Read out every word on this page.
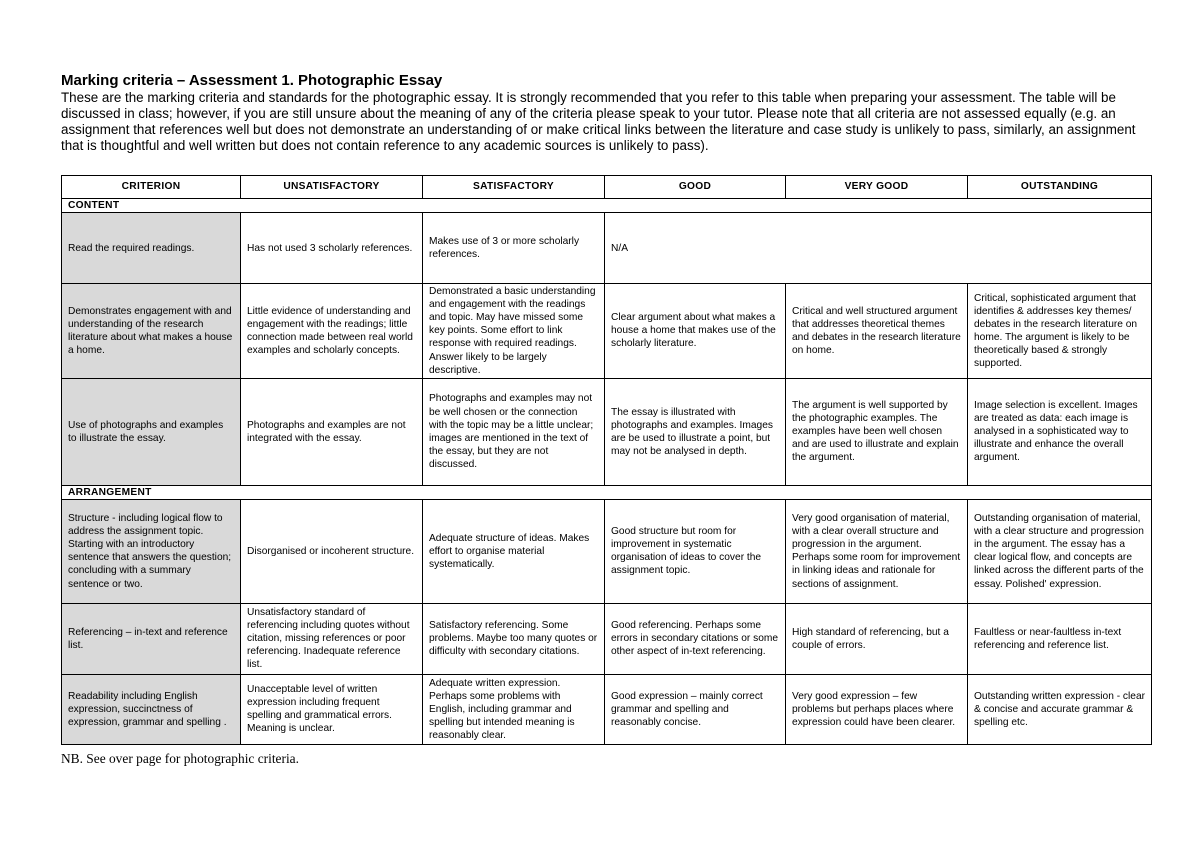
Marking criteria – Assessment 1. Photographic Essay

These are the marking criteria and standards for the photographic essay. It is strongly recommended that you refer to this table when preparing your assessment. The table will be discussed in class; however, if you are still unsure about the meaning of any of the criteria please speak to your tutor. Please note that all criteria are not assessed equally (e.g. an assignment that references well but does not demonstrate an understanding of or make critical links between the literature and case study is unlikely to pass, similarly, an assignment that is thoughtful and well written but does not contain reference to any academic sources is unlikely to pass).

CRITERION	UNSATISFACTORY	SATISFACTORY	GOOD	VERY GOOD	OUTSTANDING
CONTENT					
Read the required readings.	Has not used 3 scholarly references.	Makes use of 3 or more scholarly references.	N/A		
Demonstrates engagement with and understanding of the research literature about what makes a house a home.	Little evidence of understanding and engagement with the readings; little connection made between real world examples and scholarly concepts.	Demonstrated a basic understanding and engagement with the readings and topic. May have missed some key points. Some effort to link response with required readings. Answer likely to be largely descriptive.	Clear argument about what makes a house a home that makes use of the scholarly literature.	Critical and well structured argument that addresses theoretical themes and debates in the research literature on home.	Critical, sophisticated argument that identifies & addresses key themes/ debates in the research literature on home. The argument is likely to be theoretically based & strongly supported.
Use of photographs and examples to illustrate the essay.	Photographs and examples are not integrated with the essay.	Photographs and examples may not be well chosen or the connection with the topic may be a little unclear; images are mentioned in the text of the essay, but they are not discussed.	The essay is illustrated with photographs and examples. Images are be used to illustrate a point, but may not be analysed in depth.	The argument is well supported by the photographic examples. The examples have been well chosen and are used to illustrate and explain the argument.	Image selection is excellent. Images are treated as data: each image is analysed in a sophisticated way to illustrate and enhance the overall argument.
ARRANGEMENT					
Structure - including logical flow to address the assignment topic. Starting with an introductory sentence that answers the question; concluding with a summary sentence or two.	Disorganised or incoherent structure.	Adequate structure of ideas. Makes effort to organise material systematically.	Good structure but room for improvement in systematic organisation of ideas to cover the assignment topic.	Very good organisation of material, with a clear overall structure and progression in the argument. Perhaps some room for improvement in linking ideas and rationale for sections of assignment.	Outstanding organisation of material, with a clear structure and progression in the argument. The essay has a clear logical flow, and concepts are linked across the different parts of the essay. Polished' expression.
Referencing – in-text and reference list.	Unsatisfactory standard of referencing including quotes without citation, missing references or poor referencing. Inadequate reference list.	Satisfactory referencing. Some problems. Maybe too many quotes or difficulty with secondary citations.	Good referencing. Perhaps some errors in secondary citations or some other aspect of in-text referencing.	High standard of referencing, but a couple of errors.	Faultless or near-faultless in-text referencing and reference list.
Readability including English expression, succinctness of expression, grammar and spelling .	Unacceptable level of written expression including frequent spelling and grammatical errors. Meaning is unclear.	Adequate written expression. Perhaps some problems with English, including grammar and spelling but intended meaning is reasonably clear.	Good expression – mainly correct grammar and spelling and reasonably concise.	Very good expression – few problems but perhaps places where expression could have been clearer.	Outstanding written expression - clear & concise and accurate grammar & spelling etc.
NB. See over page for photographic criteria.
